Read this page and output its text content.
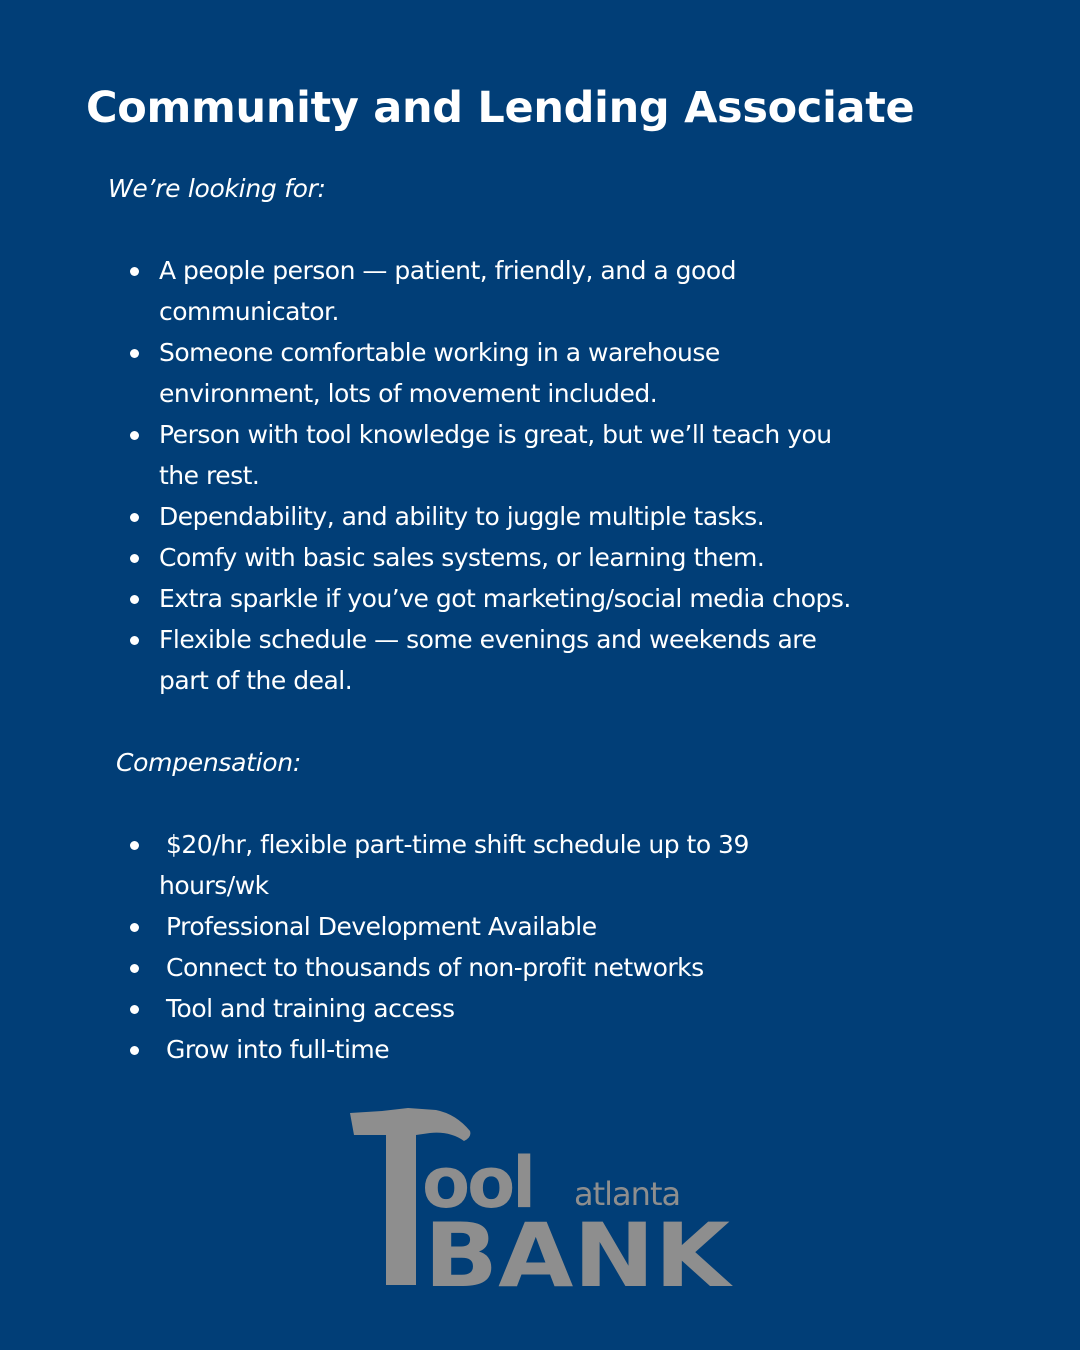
Community and Lending Associate
We’re looking for:
A people person — patient, friendly, and a good
communicator.
Someone comfortable working in a warehouse
environment, lots of movement included.
Person with tool knowledge is great, but we’ll teach you
the rest.
Dependability, and ability to juggle multiple tasks.
Comfy with basic sales systems, or learning them.
Extra sparkle if you’ve got marketing/social media chops.
Flexible schedule — some evenings and weekends are
part of the deal.
Compensation:
$20/hr, flexible part-time shift schedule up to 39
hours/wk
Professional Development Available
Connect to thousands of non-profit networks
Tool and training access
Grow into full-time
ool atlanta
BANK
